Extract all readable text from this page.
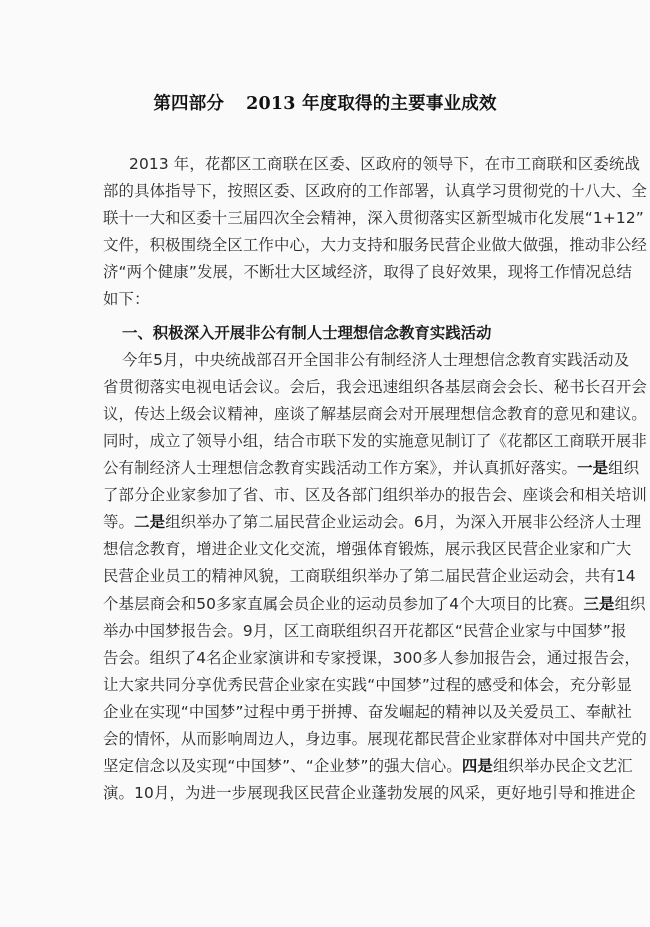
第四部分 2013 年度取得的主要事业成效
2013 年，花都区工商联在区委、区政府的领导下，在市工商联和区委统战
部的具体指导下，按照区委、区政府的工作部署，认真学习贯彻党的十八大、全
联十一大和区委十三届四次全会精神，深入贯彻落实区新型城市化发展“1+12”
文件，积极围绕全区工作中心，大力支持和服务民营企业做大做强，推动非公经
济“两个健康”发展，不断壮大区域经济，取得了良好效果，现将工作情况总结
如下：
一、积极深入开展非公有制人士理想信念教育实践活动
今年5月，中央统战部召开全国非公有制经济人士理想信念教育实践活动及
省贯彻落实电视电话会议。会后，我会迅速组织各基层商会会长、秘书长召开会
议，传达上级会议精神，座谈了解基层商会对开展理想信念教育的意见和建议。
同时，成立了领导小组，结合市联下发的实施意见制订了《花都区工商联开展非
公有制经济人士理想信念教育实践活动工作方案》，并认真抓好落实。一是组织
了部分企业家参加了省、市、区及各部门组织举办的报告会、座谈会和相关培训
等。二是组织举办了第二届民营企业运动会。6月，为深入开展非公经济人士理
想信念教育，增进企业文化交流，增强体育锻炼，展示我区民营企业家和广大
民营企业员工的精神风貌，工商联组织举办了第二届民营企业运动会，共有14
个基层商会和50多家直属会员企业的运动员参加了4个大项目的比赛。三是组织
举办中国梦报告会。9月，区工商联组织召开花都区“民营企业家与中国梦”报
告会。组织了4名企业家演讲和专家授课，300多人参加报告会，通过报告会，
让大家共同分享优秀民营企业家在实践“中国梦”过程的感受和体会，充分彰显
企业在实现“中国梦”过程中勇于拼搏、奋发崛起的精神以及关爱员工、奉献社
会的情怀，从而影响周边人，身边事。展现花都民营企业家群体对中国共产党的
坚定信念以及实现“中国梦”、“企业梦”的强大信心。四是组织举办民企文艺汇
演。10月，为进一步展现我区民营企业蓬勃发展的风采，更好地引导和推进企
